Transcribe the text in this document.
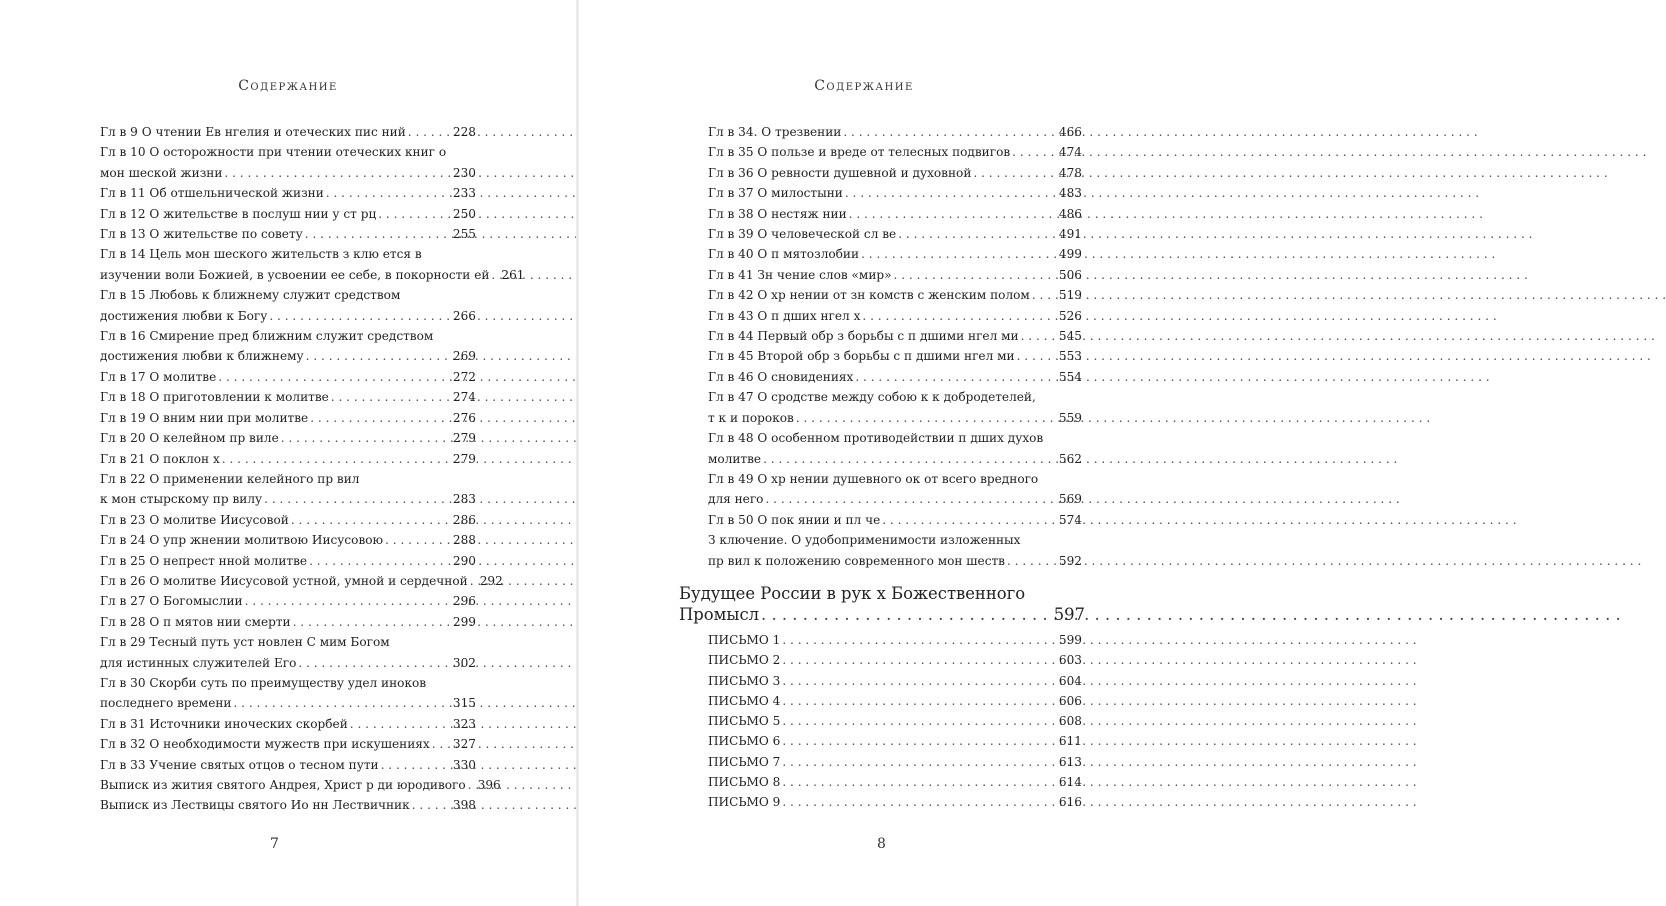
Содержание
Гл в 9 О чтении Ев нгелия и отеческих пис ний . . .	228
Гл в 10 О осторожности при чтении отеческих книг о
мон шеской жизни . . .	230
Гл в 11 Об отшельнической жизни . . .	233
Гл в 12 О жительстве в послуш нии у ст рц . . .	250
Гл в 13 О жительстве по совету . . .	255
Гл в 14 Цель мон шеского жительств з клю ется в
изучении воли Божией, в усвоении ее себе, в покорности ей . . . 261
Гл в 15 Любовь к ближнему служит средством
достижения любви к Богу . . .	266
Гл в 16 Смирение пред ближним служит средством
достижения любви к ближнему . . .	269
Гл в 17 О молитве . . .	272
Гл в 18 О приготовлении к молитве . . .	274
Гл в 19 О вним нии при молитве . . .	276
Гл в 20 О келейном пр виле . . .	279
Гл в 21 О поклон х . . .	279
Гл в 22 О применении келейного пр вил
к мон стырскому пр вилу . . .	283
Гл в 23 О молитве Иисусовой . . .	286
Гл в 24 О упр жнении молитвою Иисусовою . . .	288
Гл в 25 О непрест нной молитве . . .	290
Гл в 26 О молитве Иисусовой устной, умной и сердечной . . . 292
Гл в 27 О Богомыслии . . .	296
Гл в 28 О п мятов нии смерти . . .	299
Гл в 29 Тесный путь уст новлен С мим Богом
для истинных служителей Его . . .	302
Гл в 30 Скорби суть по преимуществу удел иноков
последнего времени . . .	315
Гл в 31 Источники иноческих скорбей . . .	323
Гл в 32 О необходимости мужеств при искушениях . . . 327
Гл в 33 Учение святых отцов о тесном пути . . .	330
Выписк из жития святого Андрея, Христ р ди юродивого . . . 396
Выписк из Лествицы святого Ио нн Лествичник . . .	398
7
Содержание
Гл в 34. О трезвении . . .	466
Гл в 35 О пользе и вреде от телесных подвигов . . .	474
Гл в 36 О ревности душевной и духовной . . .	478
Гл в 37 О милостыни . . .	483
Гл в 38 О нестяж нии . . .	486
Гл в 39 О человеческой сл ве . . .	491
Гл в 40 О п мятозлобии . . .	499
Гл в 41 Зн чение слов «мир» . . .	506
Гл в 42 О хр нении от зн комств с женским полом . . . 519
Гл в 43 О п дших нгел х . . .	526
Гл в 44 Первый обр з борьбы с п дшими нгел ми . . .	545
Гл в 45 Второй обр з борьбы с п дшими нгел ми . . .	553
Гл в 46 О сновидениях . . .	554
Гл в 47 О сродстве между собою к к добродетелей,
т к и пороков . . .	559
Гл в 48 О особенном противодействии п дших духов
молитве . . .	562
Гл в 49 О хр нении душевного ок от всего вредного
для него . . .	569
Гл в 50 О пок янии и пл че . . .	574
З ключение. О удобоприменимости изложенных
пр вил к положению современного мон шеств . . .	592
Будущее России в рук х Божественного
Промысл . . .	597
ПИСЬМО 1 . . .	599
ПИСЬМО 2 . . .	603
ПИСЬМО 3 . . .	604
ПИСЬМО 4 . . .	606
ПИСЬМО 5 . . .	608
ПИСЬМО 6 . . .	611
ПИСЬМО 7 . . .	613
ПИСЬМО 8 . . .	614
ПИСЬМО 9 . . .	616
8
